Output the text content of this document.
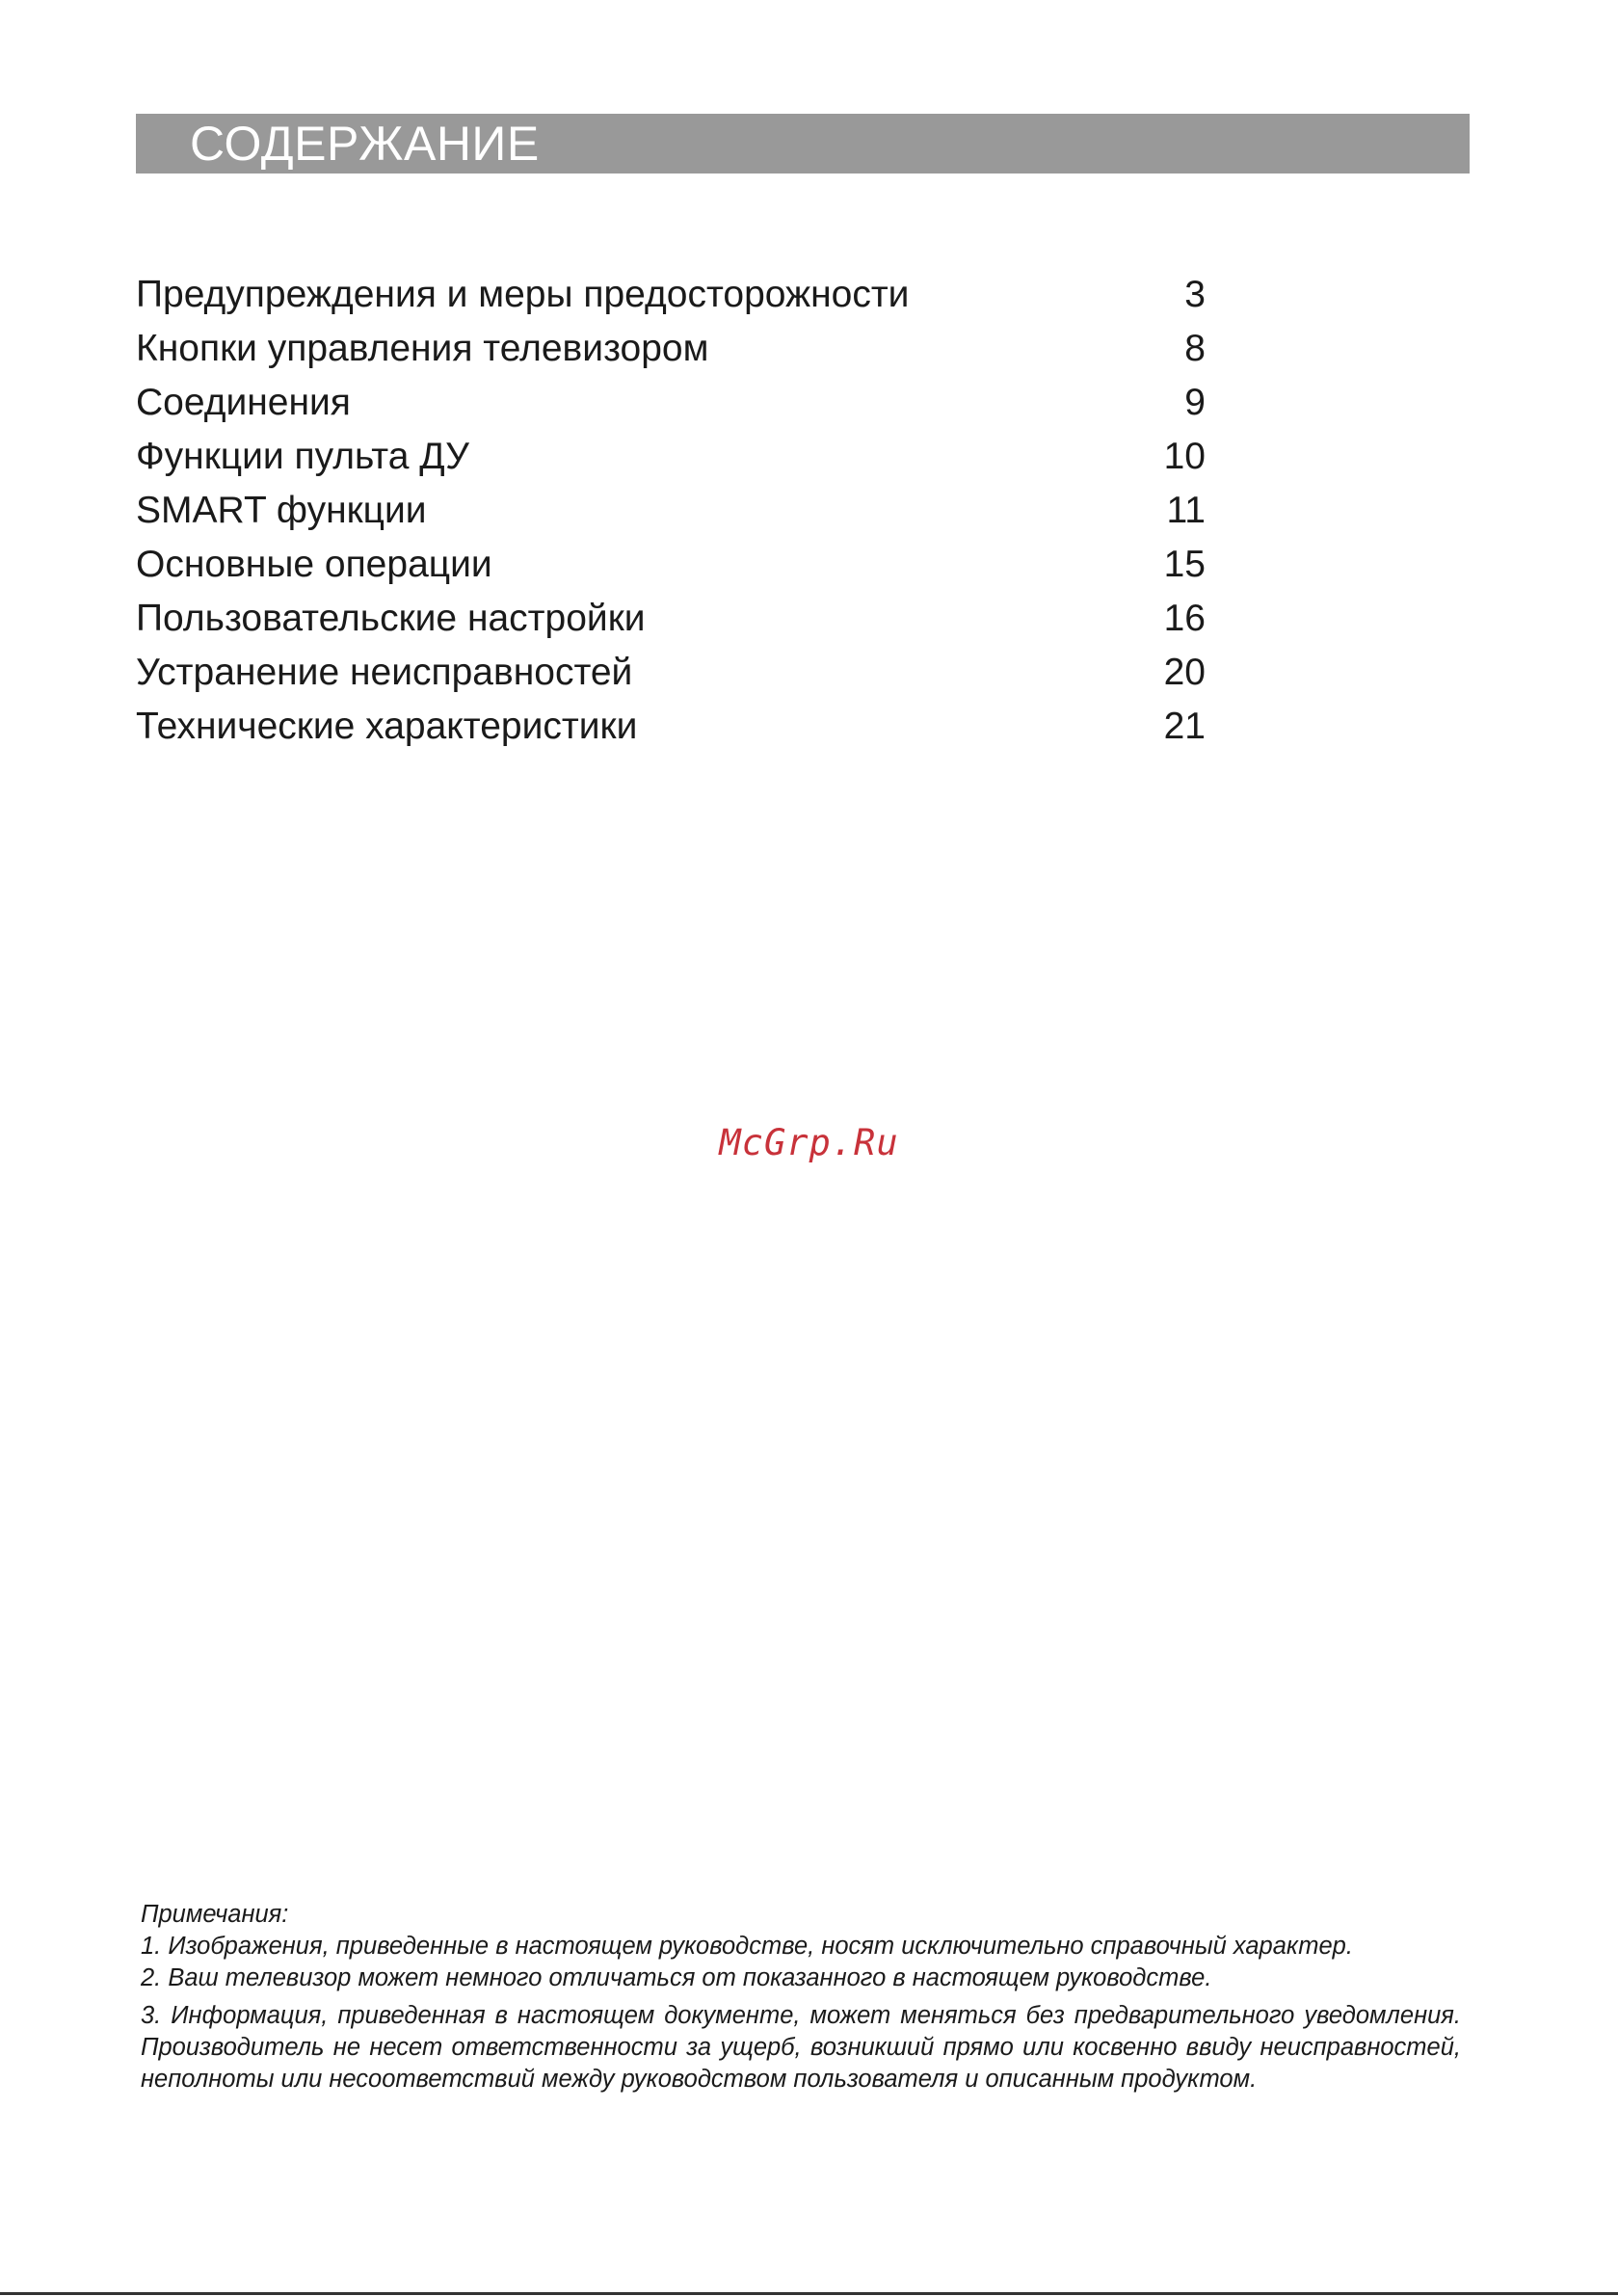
СОДЕРЖАНИЕ
Предупреждения и меры предосторожности	3
Кнопки управления телевизором	8
Соединения	9
Функции пульта ДУ	10
SMART функции	11
Основные операции	15
Пользовательские настройки	16
Устранение неисправностей	20
Технические характеристики	21
McGrp.Ru

Примечания:

1. Изображения, приведенные в настоящем руководстве, носят исключительно справочный характер.

2. Ваш телевизор может немного отличаться от показанного в настоящем руководстве.

3. Информация, приведенная в настоящем документе, может меняться без предварительного уведомления. Производитель не несет ответственности за ущерб, возникший прямо или косвенно ввиду неисправностей, неполноты или несоответствий между руководством пользователя и описанным продуктом.
